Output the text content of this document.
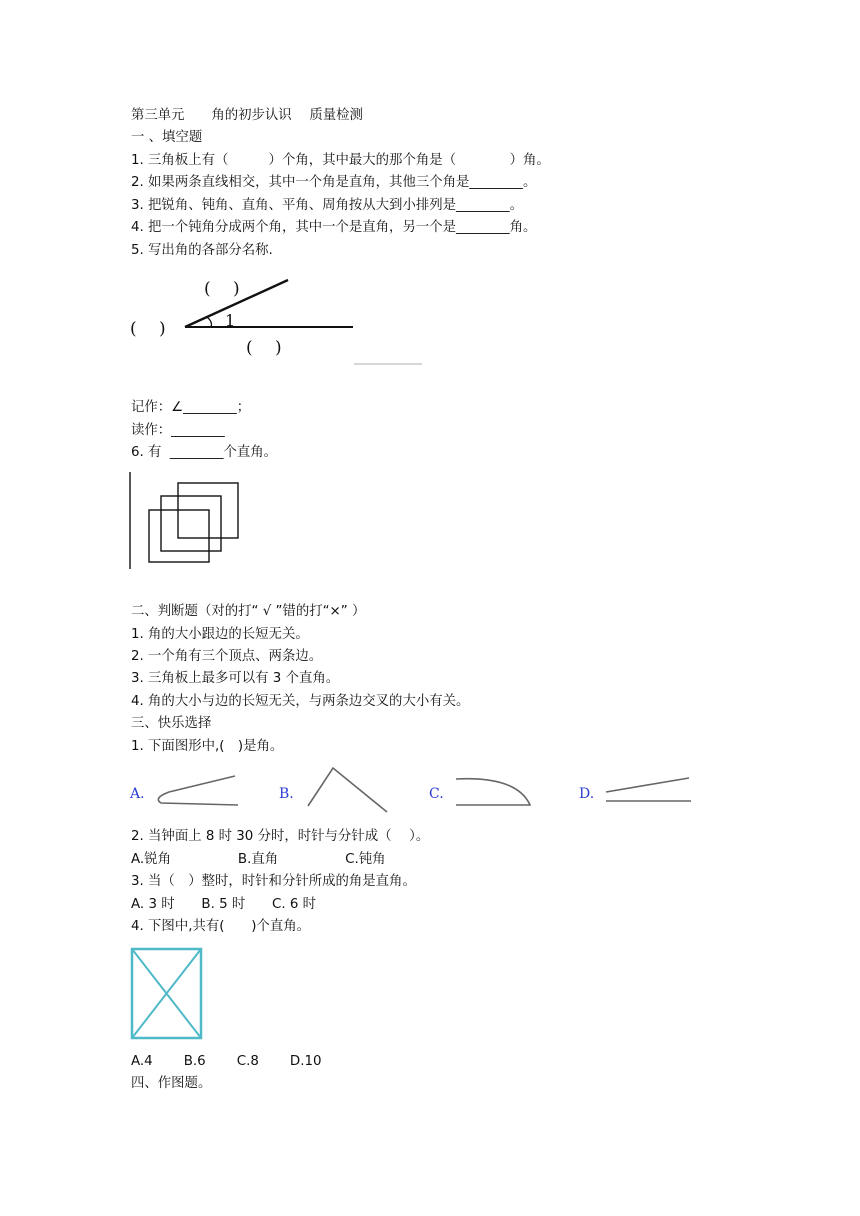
第三单元　　角的初步认识　 质量检测
一 、填空题
1. 三角板上有（　　　）个角，其中最大的那个角是（　　　　）角。
2. 如果两条直线相交，其中一个角是直角，其他三个角是________。
3. 把锐角、钝角、直角、平角、周角按从大到小排列是________。
4. 把一个钝角分成两个角，其中一个是直角，另一个是________角。
5. 写出角的各部分名称.
(　 )
(　 )
(　 )
1
记作：∠________；
读作：________
6. 有  ________个直角。
二、判断题（对的打“ √ ”错的打“×” ）
1. 角的大小跟边的长短无关。
2. 一个角有三个顶点、两条边。
3. 三角板上最多可以有 3 个直角。
4. 角的大小与边的长短无关，与两条边交叉的大小有关。
三、快乐选择
1. 下面图形中,(　)是角。
A.	B.	C.	D.
2. 当钟面上 8 时 30 分时，时针与分针成（　 ）。
A.锐角　　　　　B.直角　　　　　C.钝角
3. 当（　）整时，时针和分针所成的角是直角。
A. 3 时　　B. 5 时　　C. 6 时
4. 下图中,共有(　　)个直角。
A.4　　 B.6　　 C.8　　 D.10
四、作图题。
